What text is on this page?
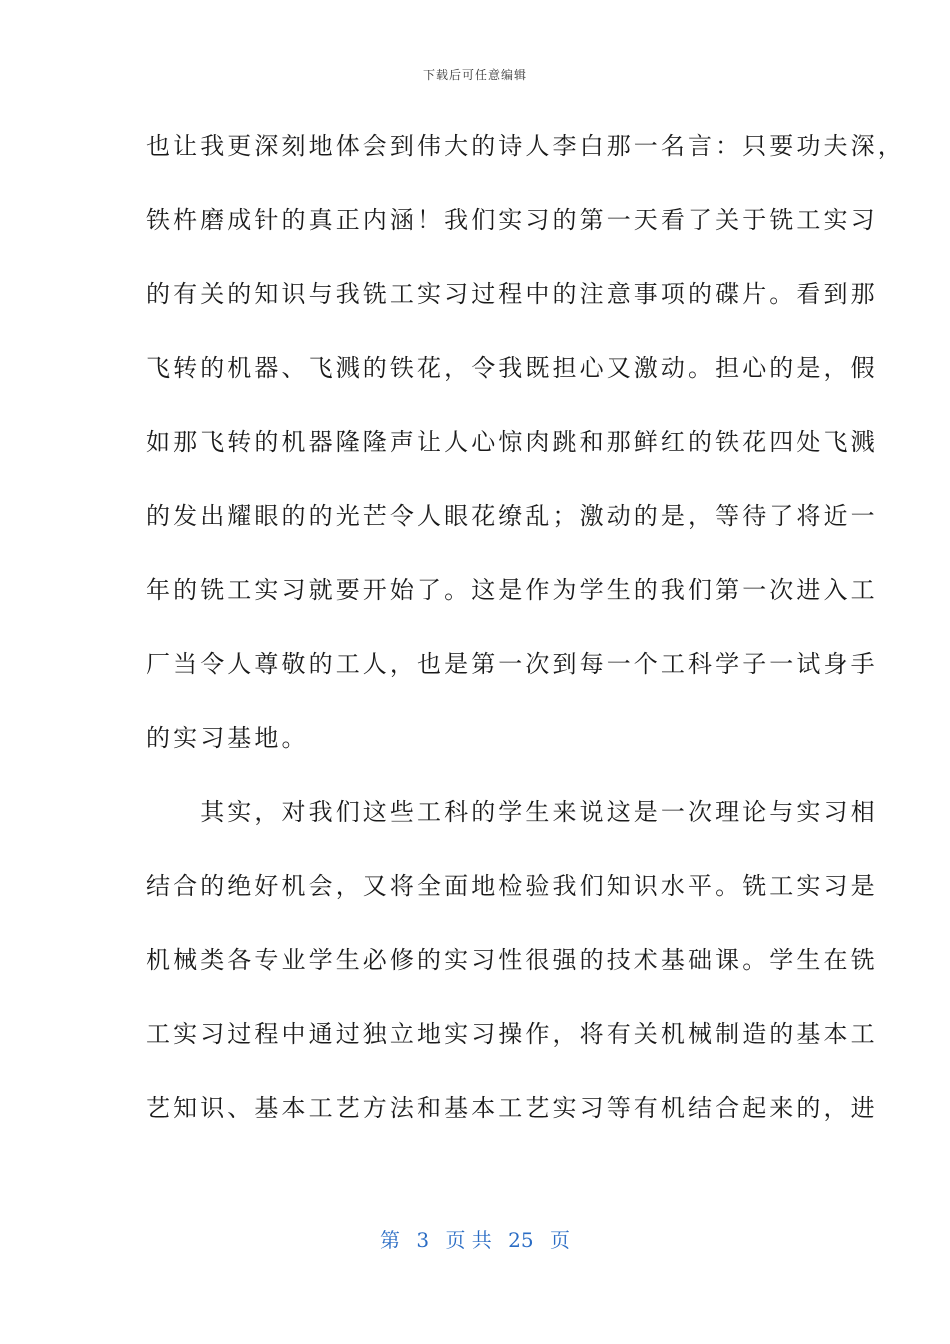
下载后可任意编辑
也让我更深刻地体会到伟大的诗人李白那一名言：只要功夫深，
铁杵磨成针的真正内涵！我们实习的第一天看了关于铣工实习
的有关的知识与我铣工实习过程中的注意事项的碟片。看到那
飞转的机器、飞溅的铁花，令我既担心又激动。担心的是，假
如那飞转的机器隆隆声让人心惊肉跳和那鲜红的铁花四处飞溅
的发出耀眼的的光芒令人眼花缭乱；激动的是，等待了将近一
年的铣工实习就要开始了。这是作为学生的我们第一次进入工
厂当令人尊敬的工人，也是第一次到每一个工科学子一试身手
的实习基地。
　　其实，对我们这些工科的学生来说这是一次理论与实习相
结合的绝好机会，又将全面地检验我们知识水平。铣工实习是
机械类各专业学生必修的实习性很强的技术基础课。学生在铣
工实习过程中通过独立地实习操作，将有关机械制造的基本工
艺知识、基本工艺方法和基本工艺实习等有机结合起来的，进
第 3 页 共 25 页
